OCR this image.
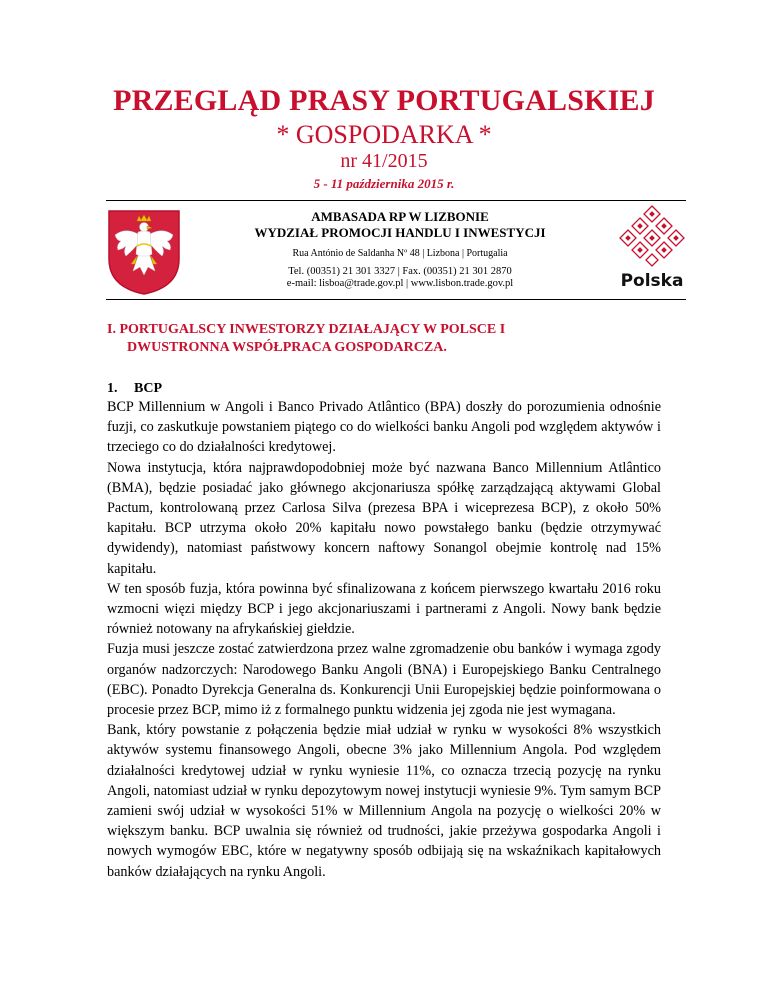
PRZEGLĄD PRASY PORTUGALSKIEJ
* GOSPODARKA *
nr 41/2015
5 - 11 października 2015 r.
AMBASADA RP W LIZBONIE
WYDZIAŁ PROMOCJI HANDLU I INWESTYCJI
Rua António de Saldanha Nº 48 | Lizbona | Portugalia
Tel. (00351) 21 301 3327 | Fax. (00351) 21 301 2870
e-mail: lisboa@trade.gov.pl | www.lisbon.trade.gov.pl	Polska
I. PORTUGALSCY INWESTORZY DZIAŁAJĄCY W POLSCE I
DWUSTRONNA WSPÓŁPRACA GOSPODARCZA.
1. BCP

BCP Millennium w Angoli i Banco Privado Atlântico (BPA) doszły do porozumienia odnośnie fuzji, co zaskutkuje powstaniem piątego co do wielkości banku Angoli pod względem aktywów i trzeciego co do działalności kredytowej.

Nowa instytucja, która najprawdopodobniej może być nazwana Banco Millennium Atlântico (BMA), będzie posiadać jako głównego akcjonariusza spółkę zarządzającą aktywami Global Pactum, kontrolowaną przez Carlosa Silva (prezesa BPA i wiceprezesa BCP), z około 50% kapitału. BCP utrzyma około 20% kapitału nowo powstałego banku (będzie otrzymywać dywidendy), natomiast państwowy koncern naftowy Sonangol obejmie kontrolę nad 15% kapitału.

W ten sposób fuzja, która powinna być sfinalizowana z końcem pierwszego kwartału 2016 roku wzmocni więzi między BCP i jego akcjonariuszami i partnerami z Angoli. Nowy bank będzie również notowany na afrykańskiej giełdzie.

Fuzja musi jeszcze zostać zatwierdzona przez walne zgromadzenie obu banków i wymaga zgody organów nadzorczych: Narodowego Banku Angoli (BNA) i Europejskiego Banku Centralnego (EBC). Ponadto Dyrekcja Generalna ds. Konkurencji Unii Europejskiej będzie poinformowana o procesie przez BCP, mimo iż z formalnego punktu widzenia jej zgoda nie jest wymagana.

Bank, który powstanie z połączenia będzie miał udział w rynku w wysokości 8% wszystkich aktywów systemu finansowego Angoli, obecne 3% jako Millennium Angola. Pod względem działalności kredytowej udział w rynku wyniesie 11%, co oznacza trzecią pozycję na rynku Angoli, natomiast udział w rynku depozytowym nowej instytucji wyniesie 9%. Tym samym BCP zamieni swój udział w wysokości 51% w Millennium Angola na pozycję o wielkości 20% w większym banku. BCP uwalnia się również od trudności, jakie przeżywa gospodarka Angoli i nowych wymogów EBC, które w negatywny sposób odbijają się na wskaźnikach kapitałowych banków działających na rynku Angoli.
